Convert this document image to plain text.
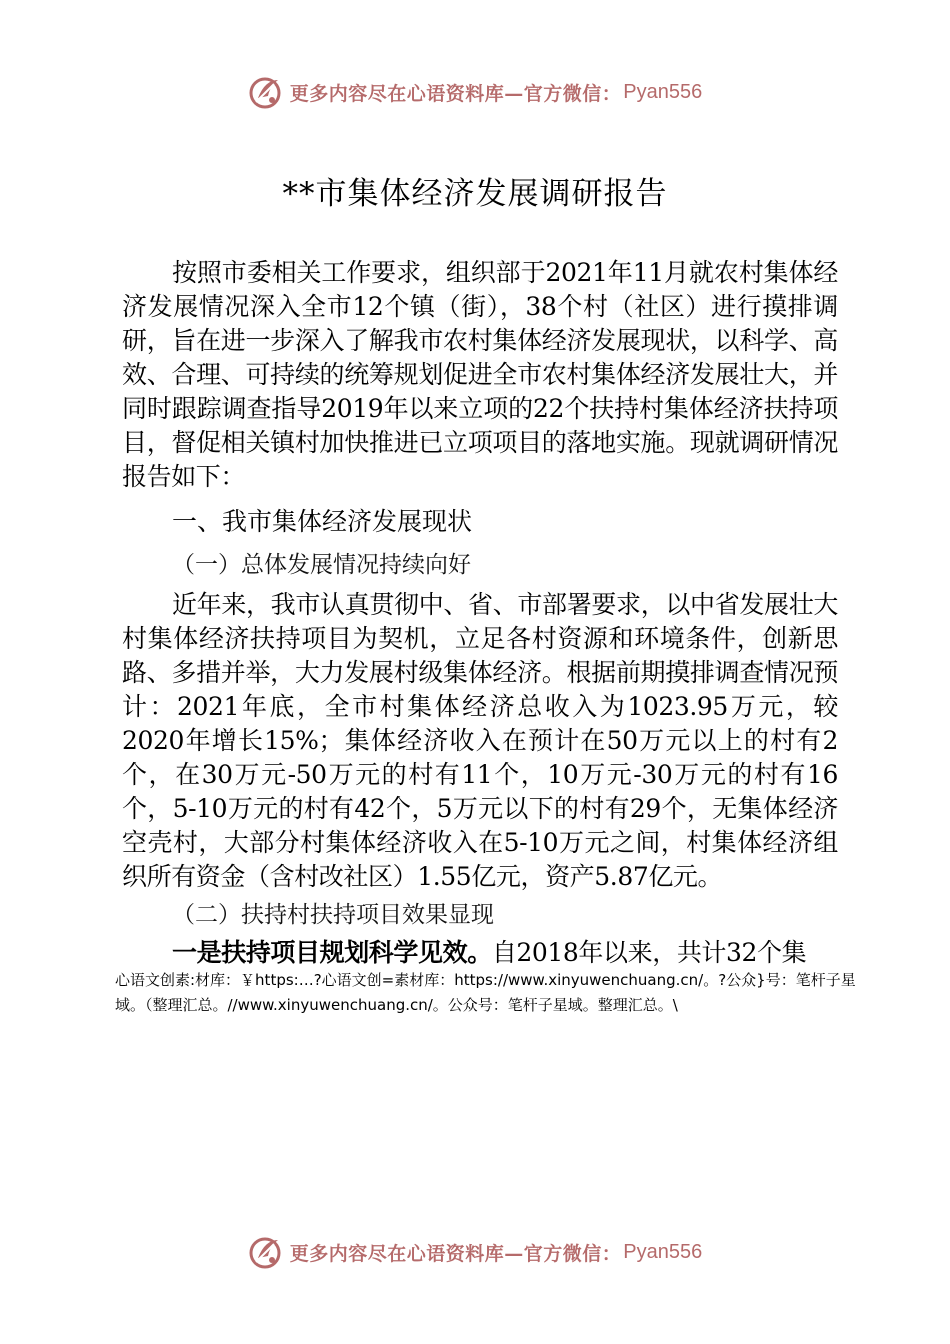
更多内容尽在心语资料库—官方微信： Pyan556
**市集体经济发展调研报告
按照市委相关工作要求，组织部于2021年11月就农村集体经济发展情况深入全市12个镇（街），38个村（社区）进行摸排调研，旨在进一步深入了解我市农村集体经济发展现状，以科学、高效、合理、可持续的统筹规划促进全市农村集体经济发展壮大，并同时跟踪调查指导2019年以来立项的22个扶持村集体经济扶持项目，督促相关镇村加快推进已立项项目的落地实施。现就调研情况报告如下：
一、我市集体经济发展现状
（一）总体发展情况持续向好
近年来，我市认真贯彻中、省、市部署要求，以中省发展壮大村集体经济扶持项目为契机，立足各村资源和环境条件，创新思路、多措并举，大力发展村级集体经济。根据前期摸排调查情况预计：2021年底，全市村集体经济总收入为1023.95万元，较2020年增长15%；集体经济收入在预计在50万元以上的村有2个，在30万元-50万元的村有11个，10万元-30万元的村有16个，5-10万元的村有42个，5万元以下的村有29个，无集体经济空壳村，大部分村集体经济收入在5-10万元之间，村集体经济组织所有资金（含村改社区）1.55亿元，资产5.87亿元。
（二）扶持村扶持项目效果显现
一是扶持项目规划科学见效。自2018年以来，共计32个集
心语文创素:材库：￥https:…?心语文创=素材库：https://www.xinyuwenchuang.cn/。?公众}号：笔杆子星域。（整理汇总。//www.xinyuwenchuang.cn/。公众号：笔杆子星域。整理汇总。\
更多内容尽在心语资料库—官方微信： Pyan556
